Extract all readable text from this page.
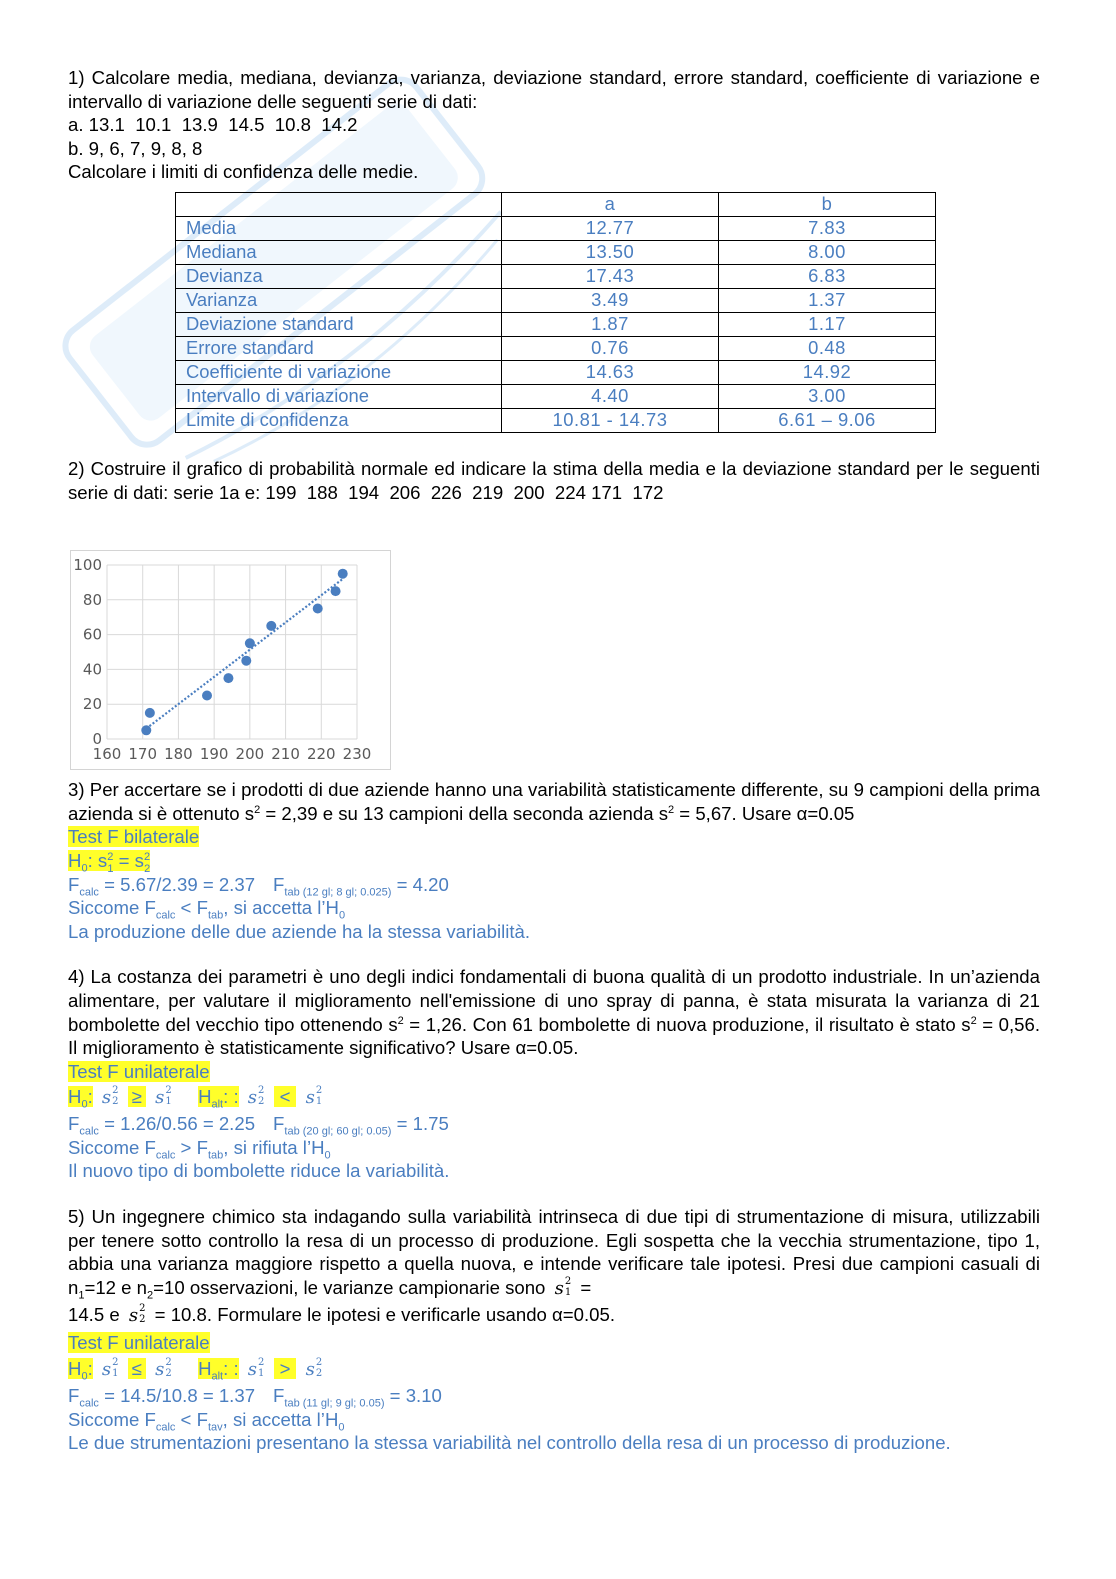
1) Calcolare media, mediana, devianza, varianza, deviazione standard, errore standard, coefficiente di variazione e intervallo di variazione delle seguenti serie di dati:

a. 13.1  10.1  13.9  14.5  10.8  14.2

b. 9, 6, 7, 9, 8, 8

Calcolare i limiti di confidenza delle medie.

	a	b
Media	12.77	7.83
Mediana	13.50	8.00
Devianza	17.43	6.83
Varianza	3.49	1.37
Deviazione standard	1.87	1.17
Errore standard	0.76	0.48
Coefficiente di variazione	14.63	14.92
Intervallo di variazione	4.40	3.00
Limite di confidenza	10.81 - 14.73	6.61 – 9.06

2) Costruire il grafico di probabilità normale ed indicare la stima della media e la deviazione standard per le seguenti serie di dati: serie 1a e: 199  188  194  206  226  219  200  224 171  172

3) Per accertare se i prodotti di due aziende hanno una variabilità statisticamente differente, su 9 campioni della prima azienda si è ottenuto $s^2 = 2,39$ e su 13 campioni della seconda azienda $s^2 = 5,67$. Usare α=0.05

Test F bilaterale

$H_0$: $s^2_1 = s^2_2$

$F_{calc} = 5.67/2.39 = 2.37$ $F_{tab (12 gl; 8 gl; 0.025)} = 4.20$

Siccome $F_{calc} < F_{tab}$, si accetta $l’H_0$

La produzione delle due aziende ha la stessa variabilità.

4) La costanza dei parametri è uno degli indici fondamentali di buona qualità di un prodotto industriale. In un’azienda alimentare, per valutare il miglioramento nell'emissione di uno spray di panna, è stata misurata la varianza di 21 bombolette del vecchio tipo ottenendo $s^2 = 1,26$. Con 61 bombolette di nuova produzione, il risultato è stato $s^2 = 0,56$. Il miglioramento è statisticamente significativo? Usare α=0.05.

Test F unilaterale

$H_0$: s 2
2 ≥ s 2
1 $H_{alt}$: : s 2
2 < s 2
1

$F_{calc} = 1.26/0.56 = 2.25$ $F_{tab (20 gl; 60 gl; 0.05)} = 1.75$

Siccome $F_{calc} > F_{tab}$, si rifiuta $l’H_0$

Il nuovo tipo di bombolette riduce la variabilità.

5) Un ingegnere chimico sta indagando sulla variabilità intrinseca di due tipi di strumentazione di misura, utilizzabili per tenere sotto controllo la resa di un processo di produzione. Egli sospetta che la vecchia strumentazione, tipo 1, abbia una varianza maggiore rispetto a quella nuova, e intende verificare tale ipotesi. Presi due campioni casuali di $n_1=12$ e $n_2=10$ osservazioni, le varianze campionarie sono s 2
1 =

14.5 e s 2
2 = 10.8. Formulare le ipotesi e verificarle usando α=0.05.

Test F unilaterale

$H_0$: s 2
1 ≤ s 2
2 $H_{alt}$: : s 2
1 > s 2
2

$F_{calc} = 14.5/10.8 = 1.37$ $F_{tab (11 gl; 9 gl; 0.05)} = 3.10$

Siccome $F_{calc} < F_{tav}$, si accetta $l’H_0$

Le due strumentazioni presentano la stessa variabilità nel controllo della resa di un processo di produzione.

0
20
40
60
80
100
160 170 180 190 200 210 220 230
